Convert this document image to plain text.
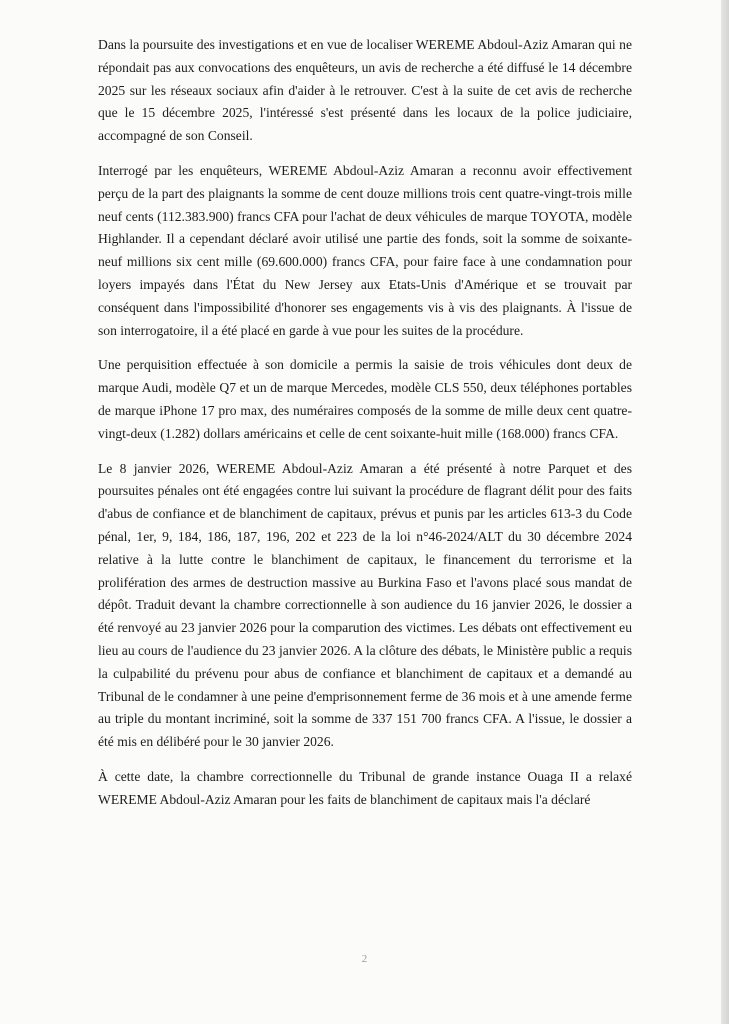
Dans la poursuite des investigations et en vue de localiser WEREME Abdoul-Aziz Amaran qui ne répondait pas aux convocations des enquêteurs, un avis de recherche a été diffusé le 14 décembre 2025 sur les réseaux sociaux afin d'aider à le retrouver. C'est à la suite de cet avis de recherche que le 15 décembre 2025, l'intéressé s'est présenté dans les locaux de la police judiciaire, accompagné de son Conseil.

Interrogé par les enquêteurs, WEREME Abdoul-Aziz Amaran a reconnu avoir effectivement perçu de la part des plaignants la somme de cent douze millions trois cent quatre-vingt-trois mille neuf cents (112.383.900) francs CFA pour l'achat de deux véhicules de marque TOYOTA, modèle Highlander. Il a cependant déclaré avoir utilisé une partie des fonds, soit la somme de soixante-neuf millions six cent mille (69.600.000) francs CFA, pour faire face à une condamnation pour loyers impayés dans l'État du New Jersey aux Etats-Unis d'Amérique et se trouvait par conséquent dans l'impossibilité d'honorer ses engagements vis à vis des plaignants. À l'issue de son interrogatoire, il a été placé en garde à vue pour les suites de la procédure.

Une perquisition effectuée à son domicile a permis la saisie de trois véhicules dont deux de marque Audi, modèle Q7 et un de marque Mercedes, modèle CLS 550, deux téléphones portables de marque iPhone 17 pro max, des numéraires composés de la somme de mille deux cent quatre-vingt-deux (1.282) dollars américains et celle de cent soixante-huit mille (168.000) francs CFA.

Le 8 janvier 2026, WEREME Abdoul-Aziz Amaran a été présenté à notre Parquet et des poursuites pénales ont été engagées contre lui suivant la procédure de flagrant délit pour des faits d'abus de confiance et de blanchiment de capitaux, prévus et punis par les articles 613-3 du Code pénal, 1er, 9, 184, 186, 187, 196, 202 et 223 de la loi n°46-2024/ALT du 30 décembre 2024 relative à la lutte contre le blanchiment de capitaux, le financement du terrorisme et la prolifération des armes de destruction massive au Burkina Faso et l'avons placé sous mandat de dépôt. Traduit devant la chambre correctionnelle à son audience du 16 janvier 2026, le dossier a été renvoyé au 23 janvier 2026 pour la comparution des victimes. Les débats ont effectivement eu lieu au cours de l'audience du 23 janvier 2026. A la clôture des débats, le Ministère public a requis la culpabilité du prévenu pour abus de confiance et blanchiment de capitaux et a demandé au Tribunal de le condamner à une peine d'emprisonnement ferme de 36 mois et à une amende ferme au triple du montant incriminé, soit la somme de 337 151 700 francs CFA. A l'issue, le dossier a été mis en délibéré pour le 30 janvier 2026.

À cette date, la chambre correctionnelle du Tribunal de grande instance Ouaga II a relaxé WEREME Abdoul-Aziz Amaran pour les faits de blanchiment de capitaux mais l'a déclaré

2
